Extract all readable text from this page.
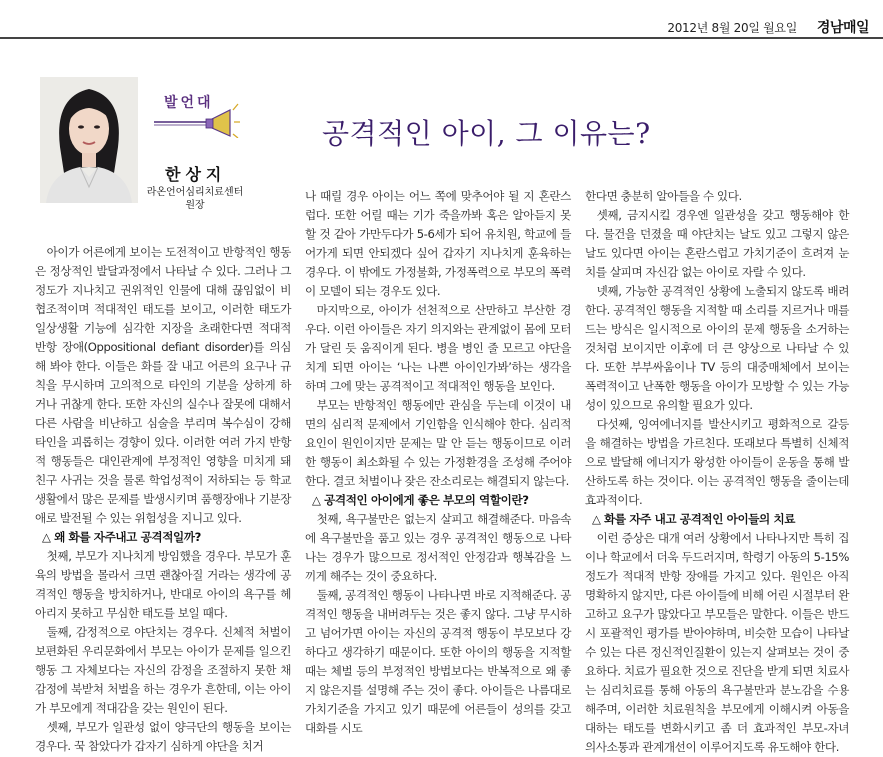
2012년 8월 20일 월요일 경남매일
발언대
한상지
라온언어심리치료센터 원장
공격적인 아이, 그 이유는?

아이가 어른에게 보이는 도전적이고 반항적인 행동은 정상적인 발달과정에서 나타날 수 있다. 그러나 그 정도가 지나치고 권위적인 인물에 대해 끊임없이 비협조적이며 적대적인 태도를 보이고, 이러한 태도가 일상생활 기능에 심각한 지장을 초래한다면 적대적 반항 장애(Oppositional defiant disorder)를 의심해 봐야 한다. 이들은 화를 잘 내고 어른의 요구나 규칙을 무시하며 고의적으로 타인의 기분을 상하게 하거나 귀찮게 한다. 또한 자신의 실수나 잘못에 대해서 다른 사람을 비난하고 심술을 부리며 복수심이 강해 타인을 괴롭히는 경향이 있다. 이러한 여러 가지 반항적 행동들은 대인관계에 부정적인 영향을 미치게 돼 친구 사귀는 것을 물론 학업성적이 저하되는 등 학교생활에서 많은 문제를 발생시키며 품행장애나 기분장애로 발전될 수 있는 위험성을 지니고 있다.

△ 왜 화를 자주내고 공격적일까?

첫째, 부모가 지나치게 방임했을 경우다. 부모가 훈육의 방법을 몰라서 크면 괜찮아질 거라는 생각에 공격적인 행동을 방치하거나, 반대로 아이의 욕구를 헤아리지 못하고 무심한 태도를 보일 때다.

둘째, 감정적으로 야단치는 경우다. 신체적 처벌이 보편화된 우리문화에서 부모는 아이가 문제를 일으킨 행동 그 자체보다는 자신의 감정을 조절하지 못한 채 감정에 북받쳐 처벌을 하는 경우가 흔한데, 이는 아이가 부모에게 적대감을 갖는 원인이 된다.

셋째, 부모가 일관성 없이 양극단의 행동을 보이는 경우다. 꾹 참았다가 갑자기 심하게 야단을 치거

나 때릴 경우 아이는 어느 쪽에 맞추어야 될 지 혼란스럽다. 또한 어릴 때는 기가 죽을까봐 혹은 알아듣지 못할 것 같아 가만두다가 5-6세가 되어 유치원, 학교에 들어가게 되면 안되겠다 싶어 갑자기 지나치게 훈육하는 경우다. 이 밖에도 가정불화, 가정폭력으로 부모의 폭력이 모델이 되는 경우도 있다.

마지막으로, 아이가 선천적으로 산만하고 부산한 경우다. 이런 아이들은 자기 의지와는 관계없이 몸에 모터가 달린 듯 움직이게 된다. 병을 병인 줄 모르고 야단을 치게 되면 아이는 ‘나는 나쁜 아이인가봐’하는 생각을 하며 그에 맞는 공격적이고 적대적인 행동을 보인다.

부모는 반항적인 행동에만 관심을 두는데 이것이 내면의 심리적 문제에서 기인함을 인식해야 한다. 심리적 요인이 원인이지만 문제는 말 안 듣는 행동이므로 이러한 행동이 최소화될 수 있는 가정환경을 조성해 주어야 한다. 결코 처벌이나 잦은 잔소리로는 해결되지 않는다.

△ 공격적인 아이에게 좋은 부모의 역할이란?

첫째, 욕구불만은 없는지 살피고 해결해준다. 마음속에 욕구불만을 품고 있는 경우 공격적인 행동으로 나타나는 경우가 많으므로 정서적인 안정감과 행복감을 느끼게 해주는 것이 중요하다.

둘째, 공격적인 행동이 나타나면 바로 지적해준다. 공격적인 행동을 내버려두는 것은 좋지 않다. 그냥 무시하고 넘어가면 아이는 자신의 공격적 행동이 부모보다 강하다고 생각하기 때문이다. 또한 아이의 행동을 지적할 때는 체벌 등의 부정적인 방법보다는 반복적으로 왜 좋지 않은지를 설명해 주는 것이 좋다. 아이들은 나름대로 가치기준을 가지고 있기 때문에 어른들이 성의를 갖고 대화를 시도

한다면 충분히 알아들을 수 있다.

셋째, 금지시킬 경우엔 일관성을 갖고 행동해야 한다. 물건을 던졌을 때 야단치는 날도 있고 그렇지 않은 날도 있다면 아이는 혼란스럽고 가치기준이 흐려져 눈치를 살피며 자신감 없는 아이로 자랄 수 있다.

넷째, 가능한 공격적인 상황에 노출되지 않도록 배려한다. 공격적인 행동을 지적할 때 소리를 지르거나 매를 드는 방식은 일시적으로 아이의 문제 행동을 소거하는 것처럼 보이지만 이후에 더 큰 양상으로 나타날 수 있다. 또한 부부싸움이나 TV 등의 대중매체에서 보이는 폭력적이고 난폭한 행동을 아이가 모방할 수 있는 가능성이 있으므로 유의할 필요가 있다.

다섯째, 잉여에너지를 발산시키고 평화적으로 갈등을 해결하는 방법을 가르친다. 또래보다 특별히 신체적으로 발달해 에너지가 왕성한 아이들이 운동을 통해 발산하도록 하는 것이다. 이는 공격적인 행동을 줄이는데 효과적이다.

△ 화를 자주 내고 공격적인 아이들의 치료

이런 증상은 대개 여러 상황에서 나타나지만 특히 집이나 학교에서 더욱 두드러지며, 학령기 아동의 5-15% 정도가 적대적 반항 장애를 가지고 있다. 원인은 아직 명확하지 않지만, 다른 아이들에 비해 어린 시절부터 완고하고 요구가 많았다고 부모들은 말한다. 이들은 반드시 포괄적인 평가를 받아야하며, 비슷한 모습이 나타날 수 있는 다른 정신적인질환이 있는지 살펴보는 것이 중요하다. 치료가 필요한 것으로 진단을 받게 되면 치료사는 심리치료를 통해 아동의 욕구불만과 분노감을 수용해주며, 이러한 치료원칙을 부모에게 이해시켜 아동을 대하는 태도를 변화시키고 좀 더 효과적인 부모-자녀 의사소통과 관계개선이 이루어지도록 유도해야 한다.
